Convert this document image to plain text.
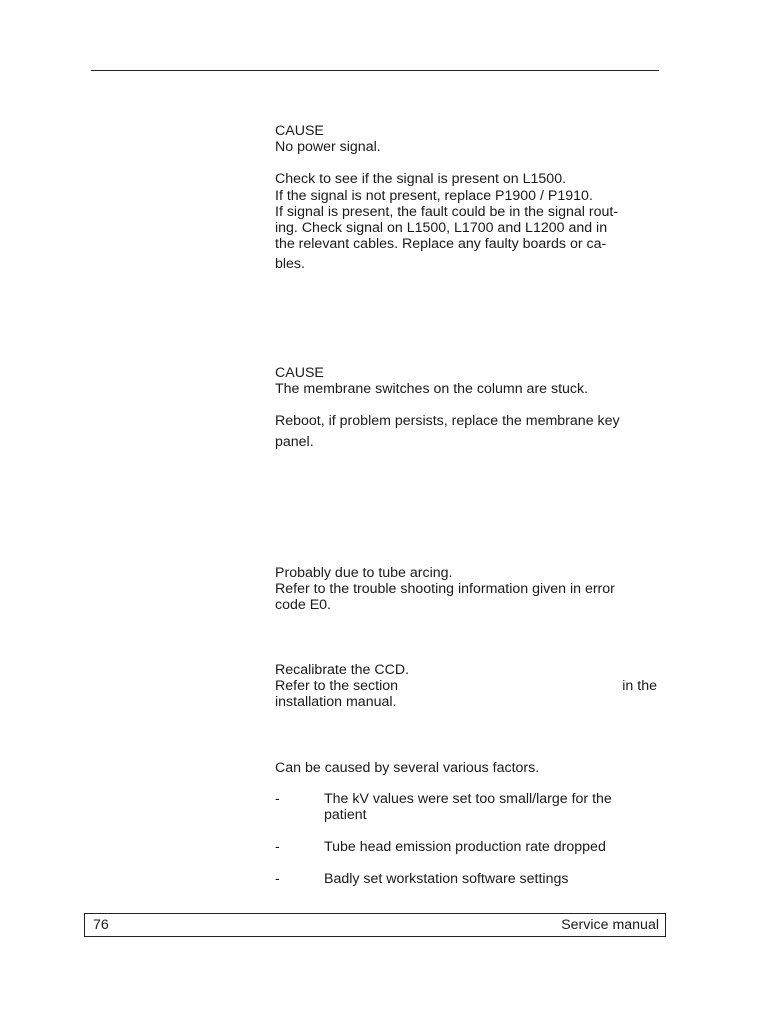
CAUSE

No power signal.

Check to see if the signal is present on L1500.

If the signal is not present, replace P1900 / P1910.

If signal is present, the fault could be in the signal rout-

ing. Check signal on L1500, L1700 and L1200 and in

the relevant cables. Replace any faulty boards or ca-

bles.

CAUSE

The membrane switches on the column are stuck.

Reboot, if problem persists, replace the membrane key

panel.

Probably due to tube arcing.

Refer to the trouble shooting information given in error

code E0.

Recalibrate the CCD.

Refer to the section	in the

installation manual.

Can be caused by several various factors.

-	The kV values were set too small/large for the

patient

-	Tube head emission production rate dropped

-	Badly set workstation software settings

76	Service manual
